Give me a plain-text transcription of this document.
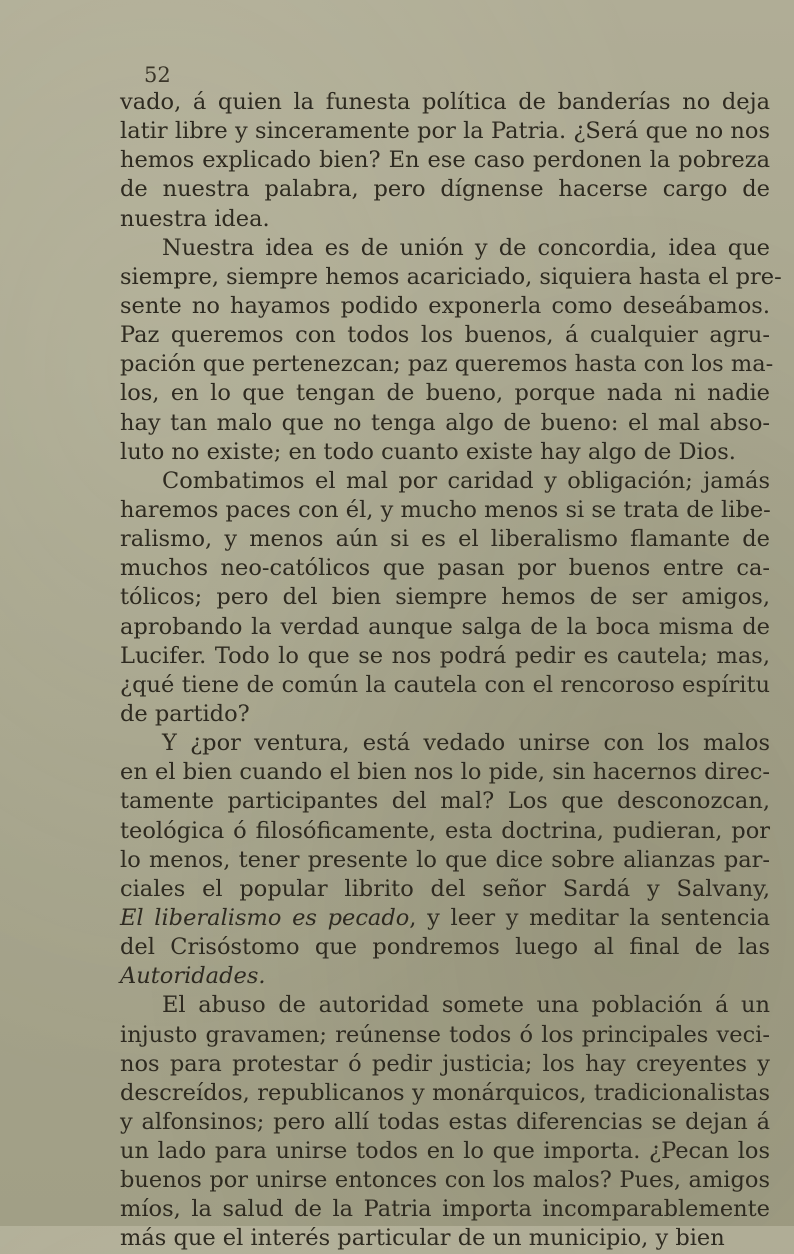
52
vado, á quien la funesta política de banderías no deja
latir libre y sinceramente por la Patria. ¿Será que no nos
hemos explicado bien? En ese caso perdonen la pobreza
de nuestra palabra, pero dígnense hacerse cargo de
nuestra idea.
Nuestra idea es de unión y de concordia, idea que
siempre, siempre hemos acariciado, siquiera hasta el pre-
sente no hayamos podido exponerla como deseábamos.
Paz queremos con todos los buenos, á cualquier agru-
pación que pertenezcan; paz queremos hasta con los ma-
los, en lo que tengan de bueno, porque nada ni nadie
hay tan malo que no tenga algo de bueno: el mal abso-
luto no existe; en todo cuanto existe hay algo de Dios.
Combatimos el mal por caridad y obligación; jamás
haremos paces con él, y mucho menos si se trata de libe-
ralismo, y menos aún si es el liberalismo flamante de
muchos neo-católicos que pasan por buenos entre ca-
tólicos; pero del bien siempre hemos de ser amigos,
aprobando la verdad aunque salga de la boca misma de
Lucifer. Todo lo que se nos podrá pedir es cautela; mas,
¿qué tiene de común la cautela con el rencoroso espíritu
de partido?
Y ¿por ventura, está vedado unirse con los malos
en el bien cuando el bien nos lo pide, sin hacernos direc-
tamente participantes del mal? Los que desconozcan,
teológica ó filosóficamente, esta doctrina, pudieran, por
lo menos, tener presente lo que dice sobre alianzas par-
ciales el popular librito del señor Sardá y Salvany,
El liberalismo es pecado, y leer y meditar la sentencia
del Crisóstomo que pondremos luego al final de las
Autoridades.
El abuso de autoridad somete una población á un
injusto gravamen; reúnense todos ó los principales veci-
nos para protestar ó pedir justicia; los hay creyentes y
descreídos, republicanos y monárquicos, tradicionalistas
y alfonsinos; pero allí todas estas diferencias se dejan á
un lado para unirse todos en lo que importa. ¿Pecan los
buenos por unirse entonces con los malos? Pues, amigos
míos, la salud de la Patria importa incomparablemente
más que el interés particular de un municipio, y bien
